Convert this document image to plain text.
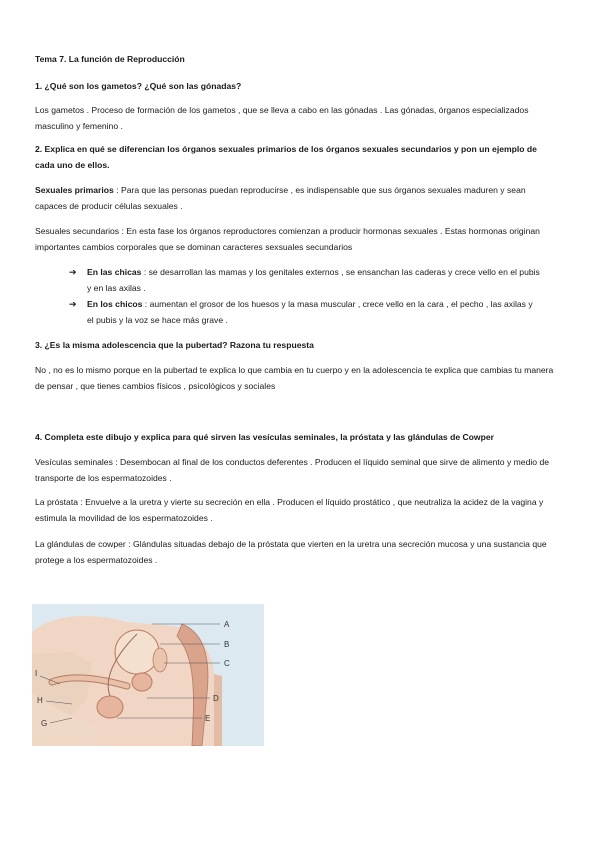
Tema 7. La función de Reproducción
1. ¿Qué son los gametos? ¿Qué son las gónadas?
Los gametos . Proceso de formación de los gametos , que se lleva a cabo en las gónadas . Las gónadas, órganos especializados masculino y femenino .
2. Explica en qué se diferencian los órganos sexuales primarios de los órganos sexuales secundarios y pon un ejemplo de cada uno de ellos.
Sexuales primarios : Para que las personas puedan reproducirse , es indispensable que sus órganos sexuales maduren y sean capaces de producir células sexuales .
Sesuales secundarios : En esta fase los órganos reproductores comienzan a producir hormonas sexuales . Estas hormonas originan importantes cambios corporales que se dominan caracteres sexsuales secundarios
➔ En las chicas : se desarrollan las mamas y los genitales externos , se ensanchan las caderas y crece vello en el pubis y en las axilas .
➔ En los chicos : aumentan el grosor de los huesos y la masa muscular , crece vello en la cara , el pecho , las axilas y el pubis y la voz se hace más grave .
3. ¿Es la misma adolescencia que la pubertad? Razona tu respuesta
No , no es lo mismo porque en la pubertad te explica lo que cambia en tu cuerpo y en la adolescencia te explica que cambias tu manera de pensar , que tienes cambios físicos , psicológicos y sociales
4. Completa este dibujo y explica para qué sirven las vesículas seminales, la próstata y las glándulas de Cowper
Vesículas seminales : Desembocan al final de los conductos deferentes . Producen el líquido seminal que sirve de alimento y medio de transporte de los espermatozoides .
La próstata : Envuelve a la uretra y vierte su secreción en ella . Producen el líquido prostático , que neutraliza la acidez de la vagina y estimula la movilidad de los espermatozoides .
La glándulas de cowper : Glándulas situadas debajo de la próstata que vierten en la uretra una secreción mucosa y una sustancia que protege a los espermatozoides .
A
B
C
D
E
G
H
I
